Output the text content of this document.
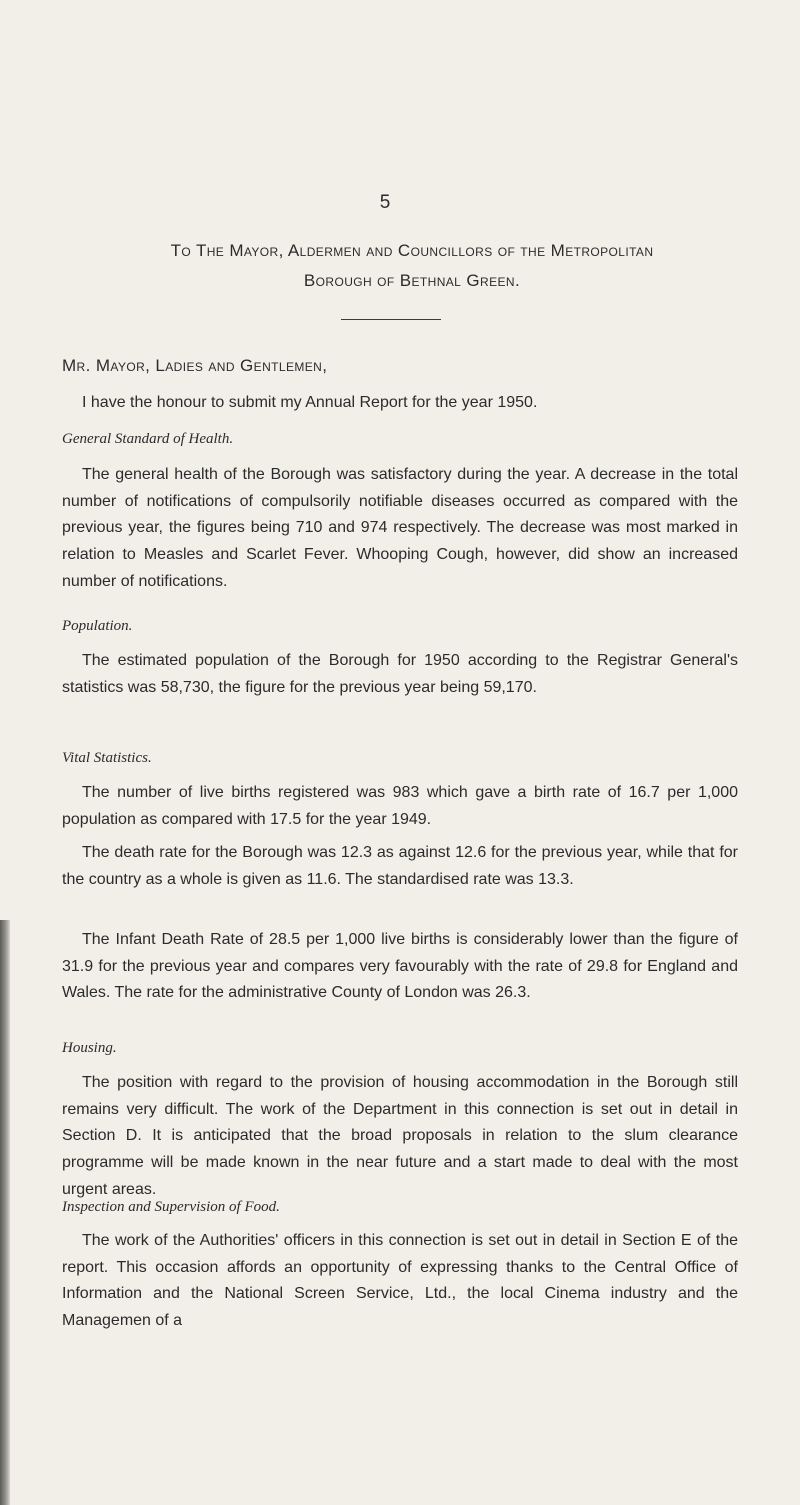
5
To The Mayor, Aldermen and Councillors of the Metropolitan
Borough of Bethnal Green.
Mr. Mayor, Ladies and Gentlemen,
I have the honour to submit my Annual Report for the year 1950.
General Standard of Health.
The general health of the Borough was satisfactory during the year. A decrease in the total number of notifications of compulsorily notifiable diseases occurred as compared with the previous year, the figures being 710 and 974 respectively. The decrease was most marked in relation to Measles and Scarlet Fever. Whooping Cough, however, did show an increased number of notifications.
Population.
The estimated population of the Borough for 1950 according to the Registrar General's statistics was 58,730, the figure for the previous year being 59,170.
Vital Statistics.
The number of live births registered was 983 which gave a birth rate of 16.7 per 1,000 population as compared with 17.5 for the year 1949.
The death rate for the Borough was 12.3 as against 12.6 for the previous year, while that for the country as a whole is given as 11.6. The standardised rate was 13.3.
The Infant Death Rate of 28.5 per 1,000 live births is considerably lower than the figure of 31.9 for the previous year and compares very favourably with the rate of 29.8 for England and Wales. The rate for the administrative County of London was 26.3.
Housing.
The position with regard to the provision of housing accommodation in the Borough still remains very difficult. The work of the Department in this connection is set out in detail in Section D. It is anticipated that the broad proposals in relation to the slum clearance programme will be made known in the near future and a start made to deal with the most urgent areas.
Inspection and Supervision of Food.
The work of the Authorities' officers in this connection is set out in detail in Section E of the report. This occasion affords an opportunity of expressing thanks to the Central Office of Information and the National Screen Service, Ltd., the local Cinema industry and the Managemen of a
